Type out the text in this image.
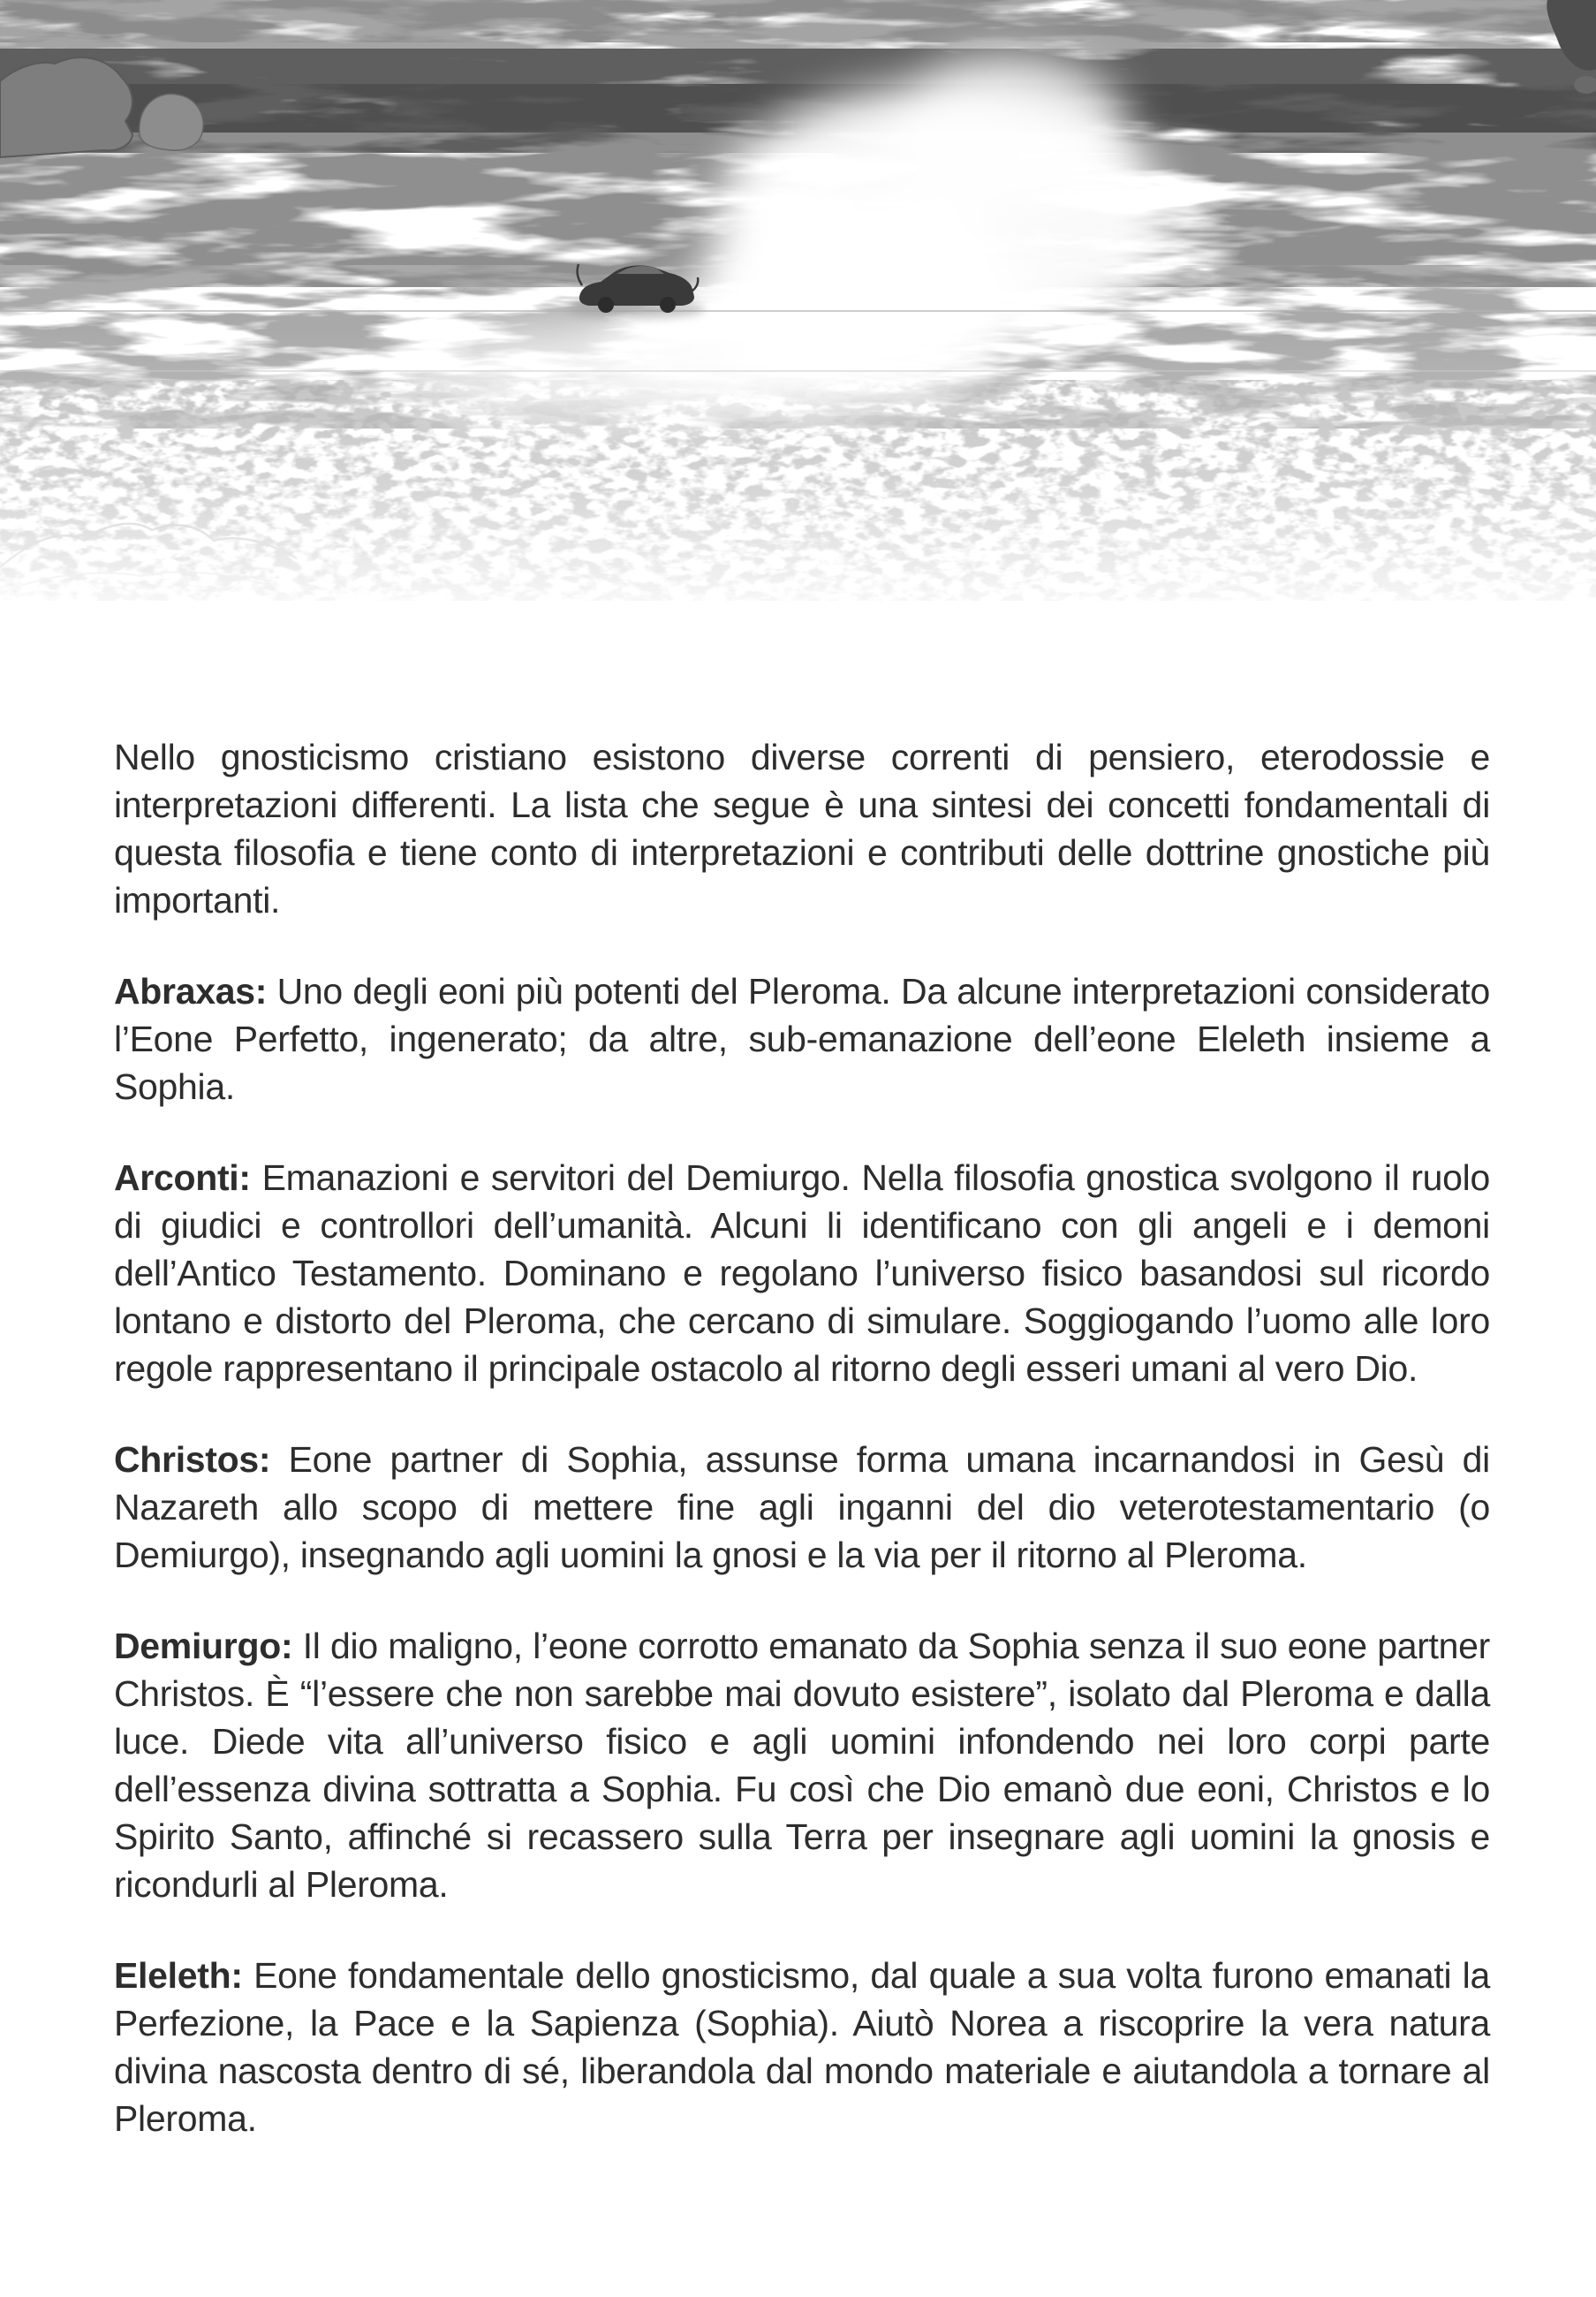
Nello gnosticismo cristiano esistono diverse correnti di pensiero, eterodossie e interpretazioni differenti. La lista che segue è una sintesi dei concetti fondamentali di questa filosofia e tiene conto di interpretazioni e contributi delle dottrine gnostiche più importanti.

Abraxas: Uno degli eoni più potenti del Pleroma. Da alcune interpretazioni considerato l’Eone Perfetto, ingenerato; da altre, sub-emanazione dell’eone Eleleth insieme a Sophia.

Arconti: Emanazioni e servitori del Demiurgo. Nella filosofia gnostica svolgono il ruolo di giudici e controllori dell’umanità. Alcuni li identificano con gli angeli e i demoni dell’Antico Testamento. Dominano e regolano l’universo fisico basandosi sul ricordo lontano e distorto del Pleroma, che cercano di simulare. Soggiogando l’uomo alle loro regole rappresentano il principale ostacolo al ritorno degli esseri umani al vero Dio.

Christos: Eone partner di Sophia, assunse forma umana incarnandosi in Gesù di Nazareth allo scopo di mettere fine agli inganni del dio veterotestamentario (o Demiurgo), insegnando agli uomini la gnosi e la via per il ritorno al Pleroma.

Demiurgo: Il dio maligno, l’eone corrotto emanato da Sophia senza il suo eone partner Christos. È “l’essere che non sarebbe mai dovuto esistere”, isolato dal Pleroma e dalla luce. Diede vita all’universo fisico e agli uomini infondendo nei loro corpi parte dell’essenza divina sottratta a Sophia. Fu così che Dio emanò due eoni, Christos e lo Spirito Santo, affinché si recassero sulla Terra per insegnare agli uomini la gnosis e ricondurli al Pleroma.

Eleleth: Eone fondamentale dello gnosticismo, dal quale a sua volta furono emanati la Perfezione, la Pace e la Sapienza (Sophia). Aiutò Norea a riscoprire la vera natura divina nascosta dentro di sé, liberandola dal mondo materiale e aiutandola a tornare al Pleroma.
